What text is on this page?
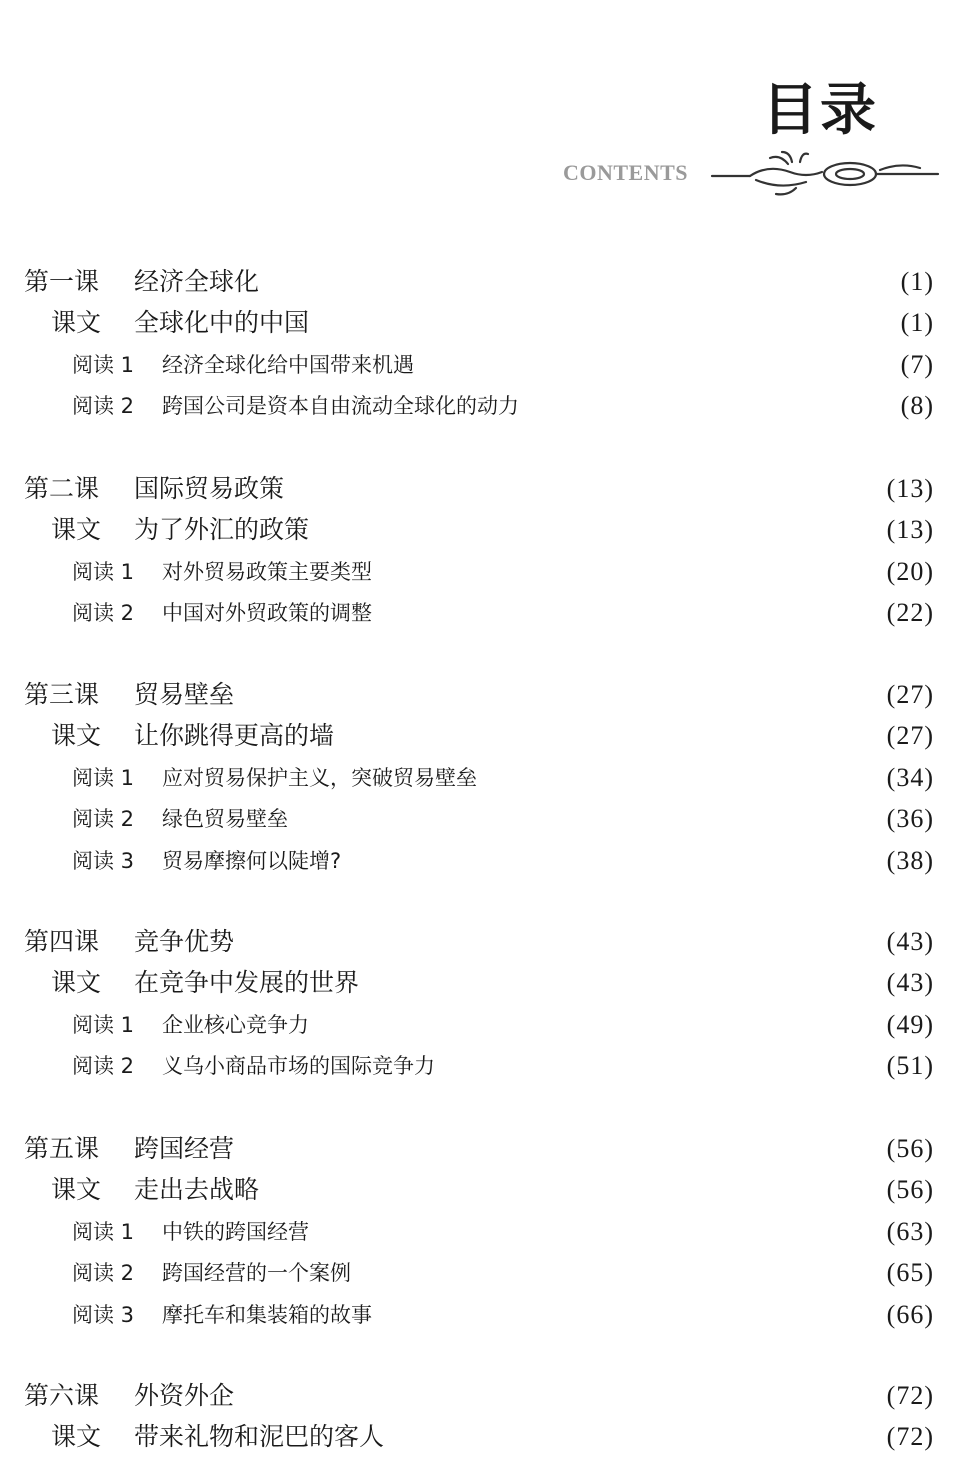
目录
CONTENTS
第一课 经济全球化	(1)
课文 全球化中的中国	(1)
阅读 1 经济全球化给中国带来机遇	(7)
阅读 2 跨国公司是资本自由流动全球化的动力	(8)
第二课 国际贸易政策	(13)
课文 为了外汇的政策	(13)
阅读 1 对外贸易政策主要类型	(20)
阅读 2 中国对外贸政策的调整	(22)
第三课 贸易壁垒	(27)
课文 让你跳得更高的墙	(27)
阅读 1 应对贸易保护主义，突破贸易壁垒	(34)
阅读 2 绿色贸易壁垒	(36)
阅读 3 贸易摩擦何以陡增?	(38)
第四课 竞争优势	(43)
课文 在竞争中发展的世界	(43)
阅读 1 企业核心竞争力	(49)
阅读 2 义乌小商品市场的国际竞争力	(51)
第五课 跨国经营	(56)
课文 走出去战略	(56)
阅读 1 中铁的跨国经营	(63)
阅读 2 跨国经营的一个案例	(65)
阅读 3 摩托车和集装箱的故事	(66)
第六课 外资外企	(72)
课文 带来礼物和泥巴的客人	(72)
